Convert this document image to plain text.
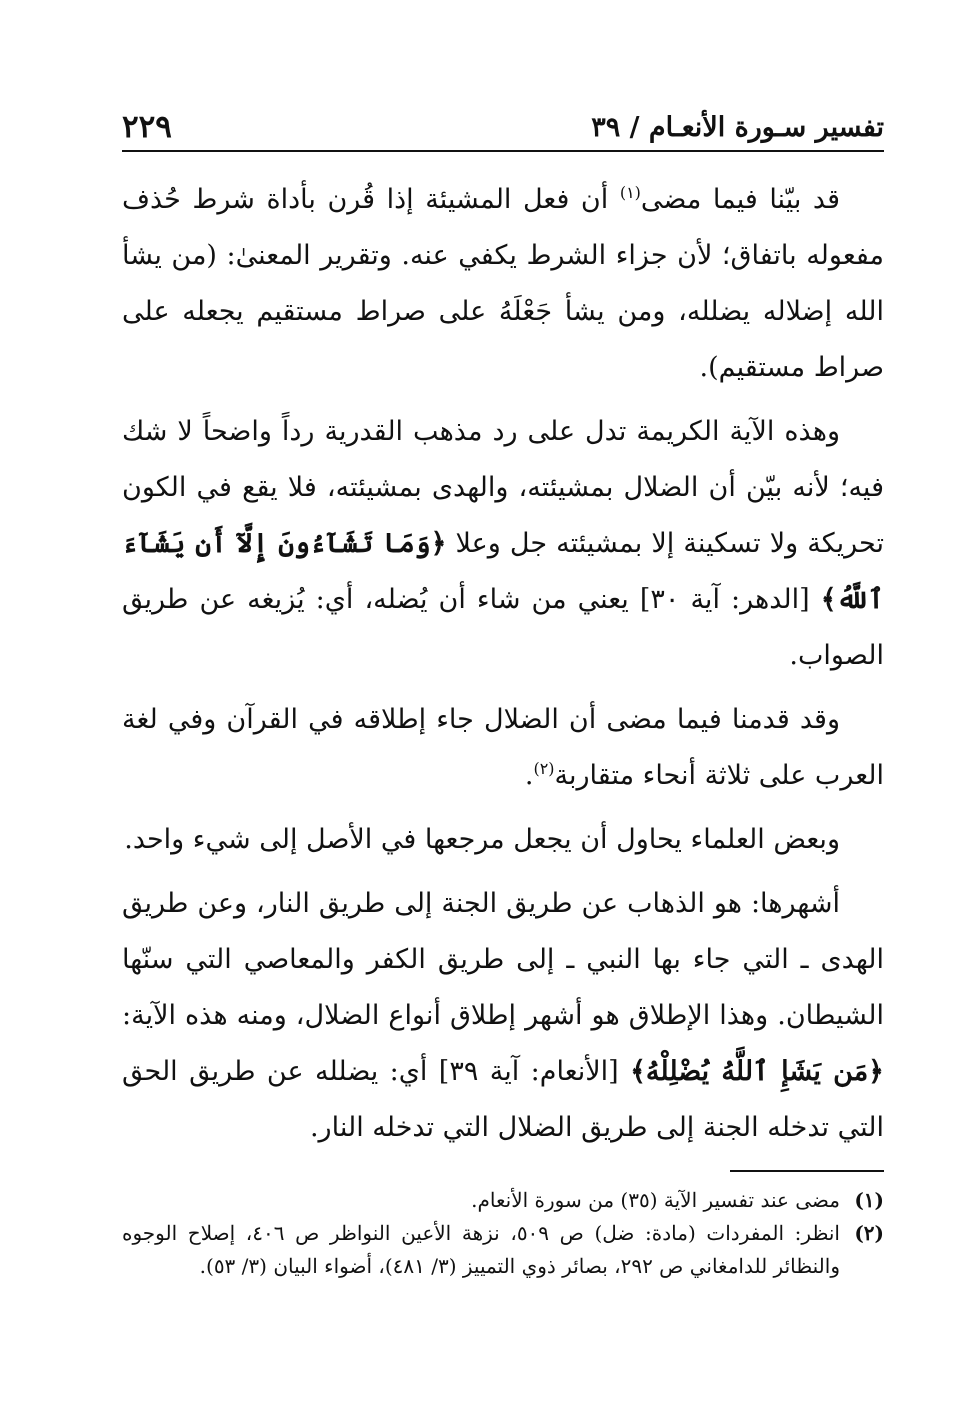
تفسير سـورة الأنعـام / ٣٩
٢٢٩

قد بيّنا فيما مضى$^{(١)}$ أن فعل المشيئة إذا قُرن بأداة شرط حُذف مفعوله باتفاق؛ لأن جزاء الشرط يكفي عنه. وتقرير المعنىٰ: (من يشأ الله إضلاله يضلله، ومن يشأ جَعْلَهُ على صراط مستقيم يجعله على صراط مستقيم).

وهذه الآية الكريمة تدل على رد مذهب القدرية رداً واضحاً لا شك فيه؛ لأنه بيّن أن الضلال بمشيئته، والهدى بمشيئته، فلا يقع في الكون تحريكة ولا تسكينة إلا بمشيئته جل وعلا ﴿وَمَا تَشَآءُونَ إِلَّآ أَن يَشَآءَ ٱللَّهُ﴾ [الدهر: آية ٣٠] يعني من شاء أن يُضله، أي: يُزيغه عن طريق الصواب.

وقد قدمنا فيما مضى أن الضلال جاء إطلاقه في القرآن وفي لغة العرب على ثلاثة أنحاء متقاربة$^{(٢)}$.

وبعض العلماء يحاول أن يجعل مرجعها في الأصل إلى شيء واحد.

أشهرها: هو الذهاب عن طريق الجنة إلى طريق النار، وعن طريق الهدى ـ التي جاء بها النبي ـ إلى طريق الكفر والمعاصي التي سنّها الشيطان. وهذا الإطلاق هو أشهر إطلاق أنواع الضلال، ومنه هذه الآية: ﴿مَن يَشَإِ ٱللَّهُ يُضْلِلْهُ﴾ [الأنعام: آية ٣٩] أي: يضلله عن طريق الحق التي تدخله الجنة إلى طريق الضلال التي تدخله النار.

(١)
مضى عند تفسير الآية (٣٥) من سورة الأنعام.
(٢)
انظر: المفردات (مادة: ضل) ص ٥٠٩، نزهة الأعين النواظر ص ٤٠٦، إصلاح الوجوه والنظائر للدامغاني ص ٢٩٢، بصائر ذوي التمييز (٣/ ٤٨١)، أضواء البيان (٣/ ٥٣).
